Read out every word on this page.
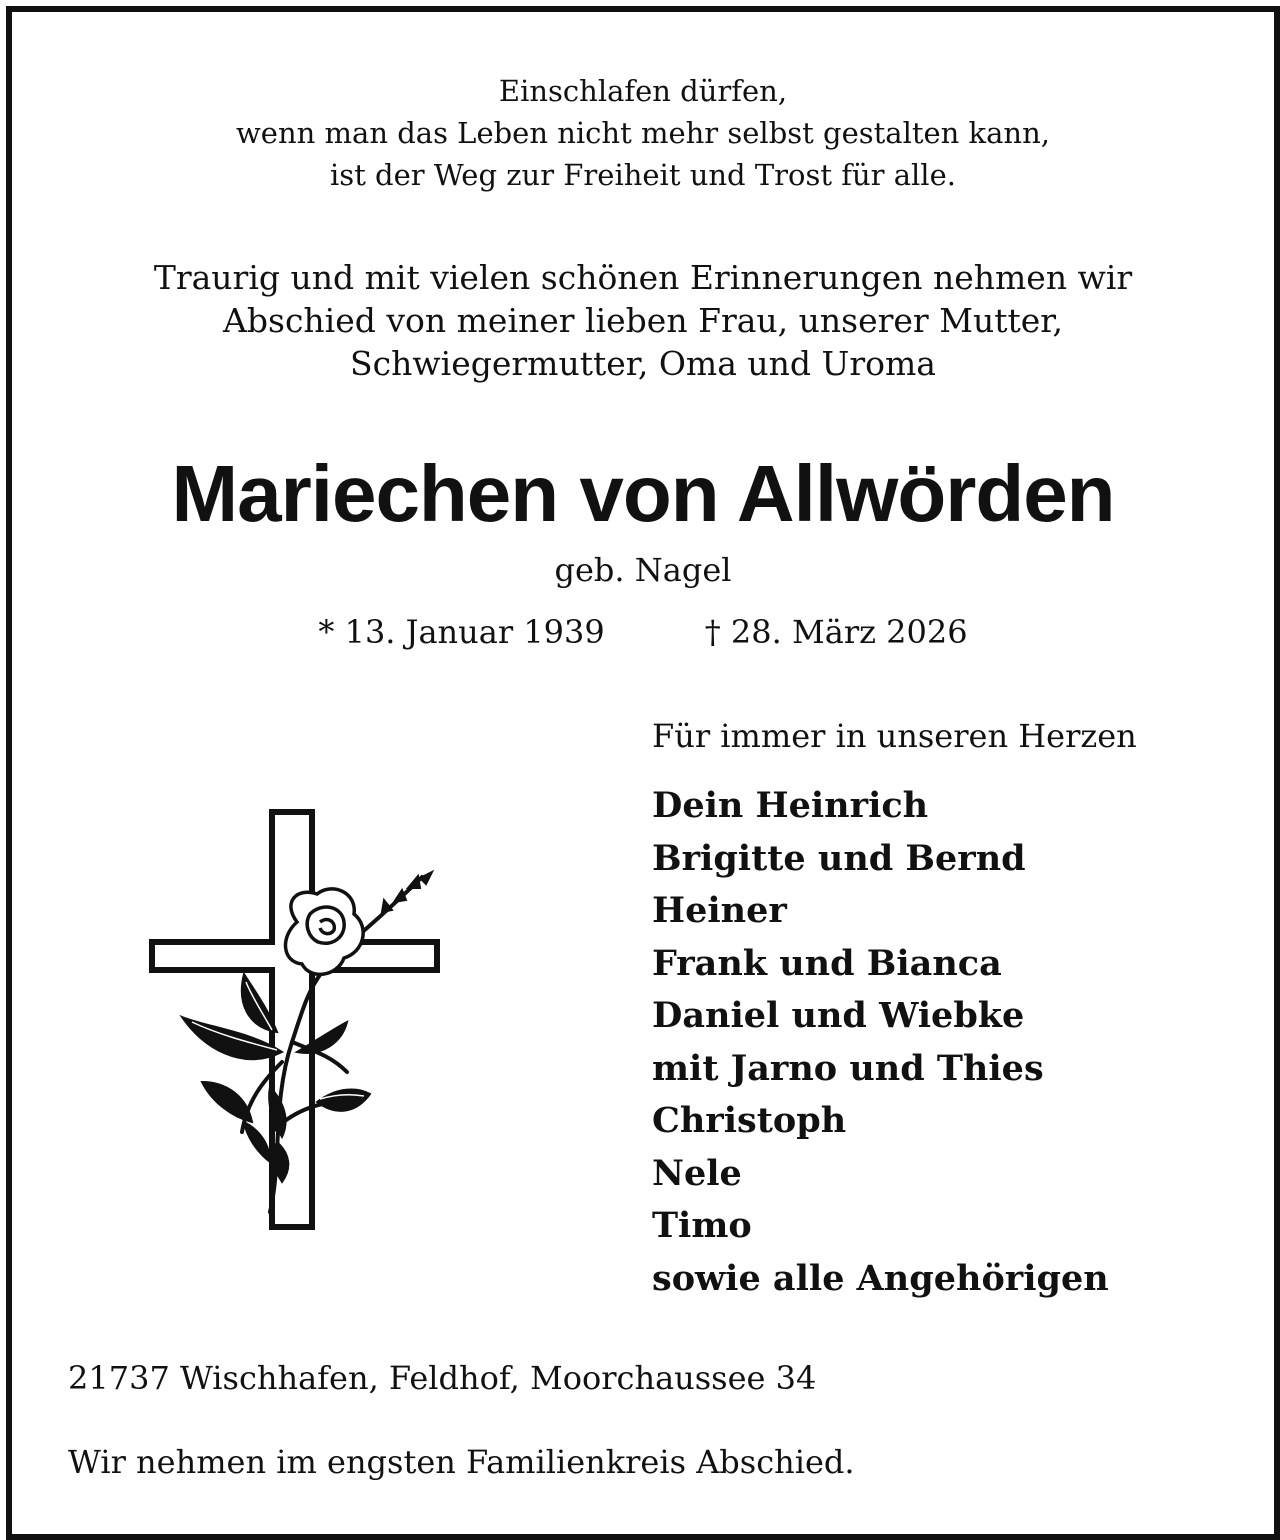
Einschlafen dürfen,
wenn man das Leben nicht mehr selbst gestalten kann,
ist der Weg zur Freiheit und Trost für alle.
Traurig und mit vielen schönen Erinnerungen nehmen wir
Abschied von meiner lieben Frau, unserer Mutter,
Schwiegermutter, Oma und Uroma
Mariechen von Allwörden
geb. Nagel
* 13. Januar 1939	† 28. März 2026
Für immer in unseren Herzen
Dein Heinrich
Brigitte und Bernd
Heiner
Frank und Bianca
Daniel und Wiebke
mit Jarno und Thies
Christoph
Nele
Timo
sowie alle Angehörigen
21737 Wischhafen, Feldhof, Moorchaussee 34
Wir nehmen im engsten Familienkreis Abschied.
